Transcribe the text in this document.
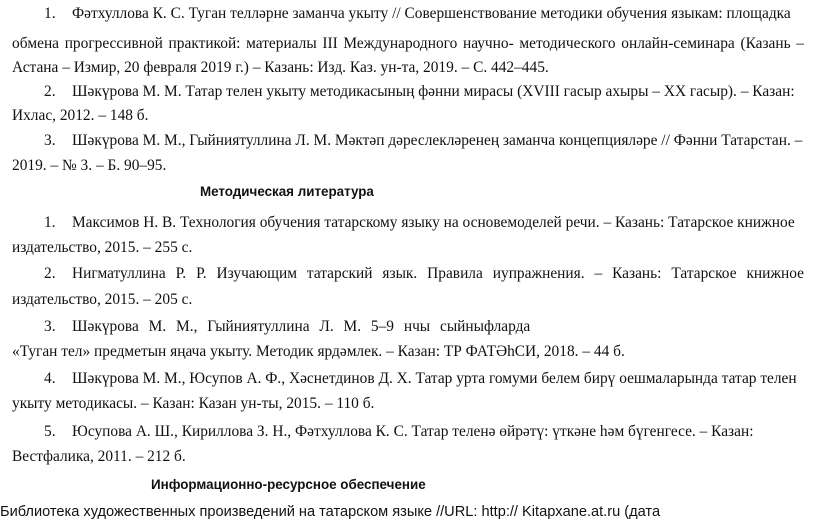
1. Фәтхуллова К. С. Туган телләрне заманча укыту // Совершенствование методики обучения языкам: площадка
обмена прогрессивной практикой: материалы III Международного научно- методического онлайн-семинара (Казань –
Астана – Измир, 20 февраля 2019 г.) – Казань: Изд. Каз. ун-та, 2019. – С. 442–445.
2. Шәкүрова М. М. Татар телен укыту методикасының фәнни мирасы (XVIII гасыр ахыры – XX гасыр). – Казан:
Ихлас, 2012. – 148 б.
3. Шәкүрова М. М., Гыйниятуллина Л. М. Мәктәп дәреслекләренең заманча концепцияләре // Фәнни Татарстан. –
2019. – № 3. – Б. 90–95.
Методическая литература
1. Максимов Н. В. Технология обучения татарскому языку на основемоделей речи. – Казань: Татарское книжное
издательство, 2015. – 255 с.
2. Нигматуллина Р. Р. Изучающим татарский язык. Правила иупражнения. – Казань: Татарское книжное
издательство, 2015. – 205 с.
3. Шәкүрова М. М., Гыйниятуллина Л. М. 5–9 нчы сыйныфларда
«Туган тел» предметын яңача укыту. Методик ярдәмлек. – Казан: ТР ФАТӘhСИ, 2018. – 44 б.
4. Шәкүрова М. М., Юсупов А. Ф., Хәснетдинов Д. Х. Татар урта гомуми белем бирү оешмаларында татар телен
укыту методикасы. – Казан: Казан ун-ты, 2015. – 110 б.
5. Юсупова А. Ш., Кириллова З. Н., Фәтхуллова К. С. Татар теленә өйрәтү: үткәне һәм бүгенгесе. – Казан:
Вестфалика, 2011. – 212 б.
Информационно-ресурсное обеспечение
Библиотека художественных произведений на татарском языке //URL: http:// Kitapxane.at.ru (дата
